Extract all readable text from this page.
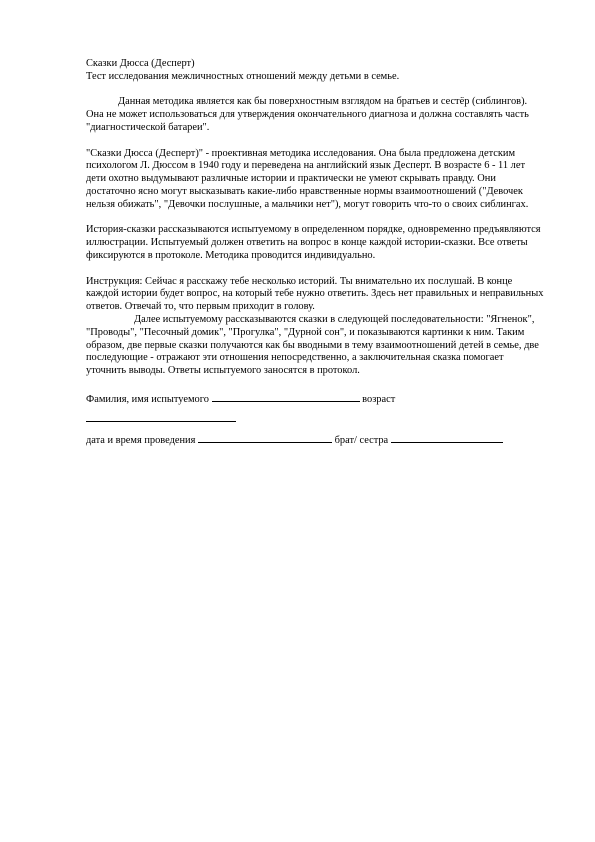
Сказки Дюсса (Десперт)

Тест исследования межличностных отношений между детьми в семье.

Данная методика является как бы поверхностным взглядом на братьев и сестёр (сиблингов). Она не может использоваться для утверждения окончательного диагноза и должна составлять часть "диагностической батареи".

"Сказки Дюсса (Десперт)" - проективная методика исследования. Она была предложена детским психологом Л. Дюссом в 1940 году и переведена на английский язык Десперт. В возрасте 6 - 11 лет дети охотно выдумывают различные истории и практически не умеют скрывать правду. Они достаточно ясно могут высказывать какие-либо нравственные нормы взаимоотношений ("Девочек нельзя обижать", "Девочки послушные, а мальчики нет"), могут говорить что-то о своих сиблингах.

История-сказки рассказываются испытуемому в определенном порядке, одновременно предъявляются иллюстрации. Испытуемый должен ответить на вопрос в конце каждой истории-сказки. Все ответы фиксируются в протоколе. Методика проводится индивидуально.

Инструкция: Сейчас я расскажу тебе несколько историй. Ты внимательно их послушай. В конце каждой истории будет вопрос, на который тебе нужно ответить. Здесь нет правильных и неправильных ответов. Отвечай то, что первым приходит в голову.

Далее испытуемому рассказываются сказки в следующей последовательности: "Ягненок", "Проводы", "Песочный домик", "Прогулка", "Дурной сон", и показываются картинки к ним. Таким образом, две первые сказки получаются как бы вводными в тему взаимоотношений детей в семье, две последующие - отражают эти отношения непосредственно, а заключительная сказка помогает уточнить выводы. Ответы испытуемого заносятся в протокол.

Фамилия, имя испытуемого	возраст
дата и время проведения	брат/ сестра
